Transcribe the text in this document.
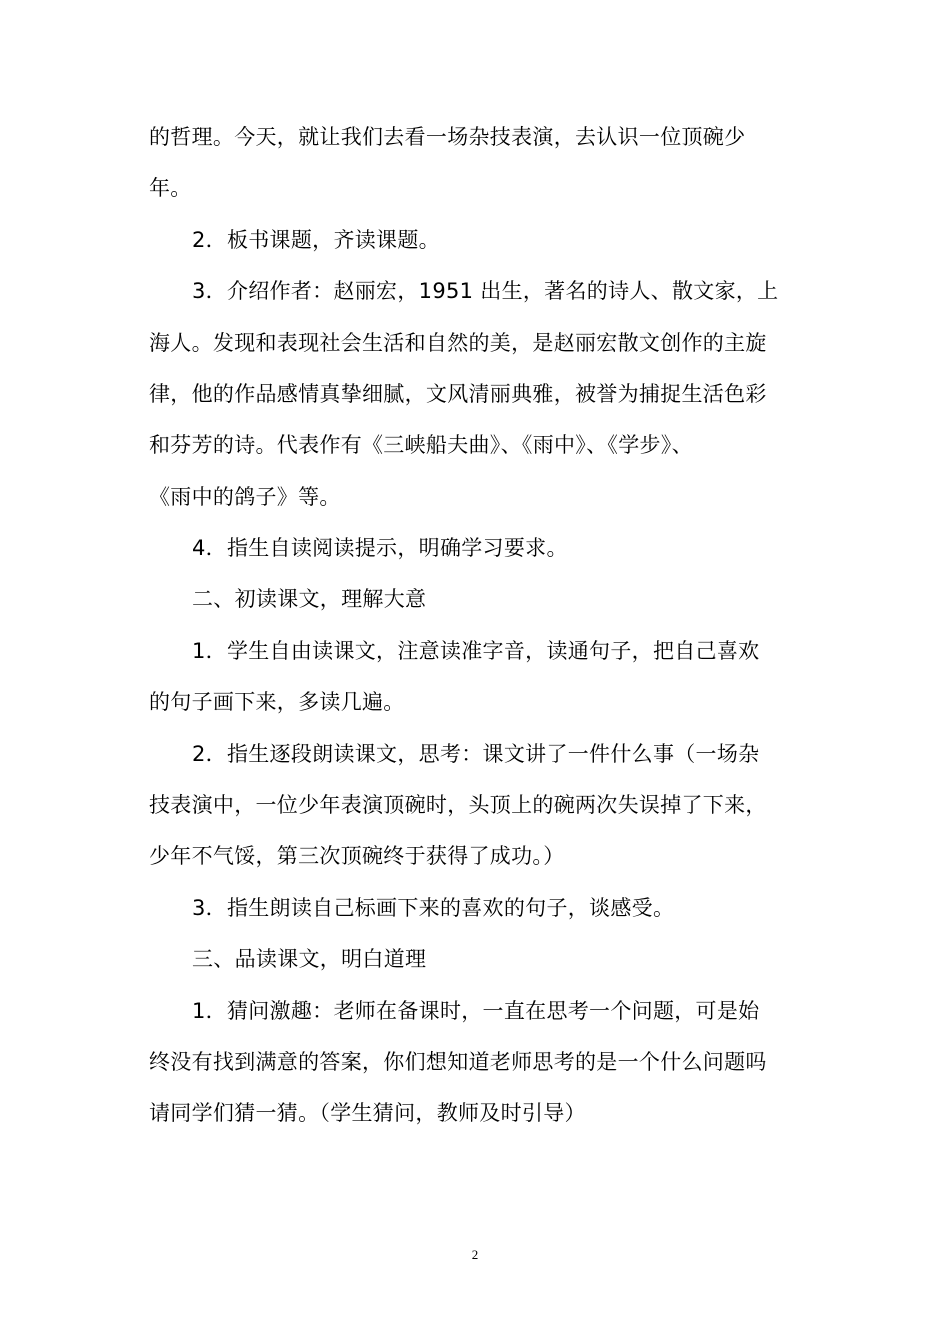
的哲理。今天，就让我们去看一场杂技表演，去认识一位顶碗少
年。
2．板书课题，齐读课题。
3．介绍作者：赵丽宏，1951 出生，著名的诗人、散文家，上
海人。发现和表现社会生活和自然的美，是赵丽宏散文创作的主旋
律，他的作品感情真挚细腻，文风清丽典雅，被誉为捕捉生活色彩
和芬芳的诗。代表作有《三峡船夫曲》、《雨中》、《学步》、
《雨中的鸽子》等。
4．指生自读阅读提示，明确学习要求。
二、初读课文，理解大意
1．学生自由读课文，注意读准字音，读通句子，把自己喜欢
的句子画下来，多读几遍。
2．指生逐段朗读课文，思考：课文讲了一件什么事（一场杂
技表演中，一位少年表演顶碗时，头顶上的碗两次失误掉了下来，
少年不气馁，第三次顶碗终于获得了成功。）
3．指生朗读自己标画下来的喜欢的句子，谈感受。
三、品读课文，明白道理
1．猜问激趣：老师在备课时，一直在思考一个问题，可是始
终没有找到满意的答案，你们想知道老师思考的是一个什么问题吗
请同学们猜一猜。（学生猜问，教师及时引导）
2
